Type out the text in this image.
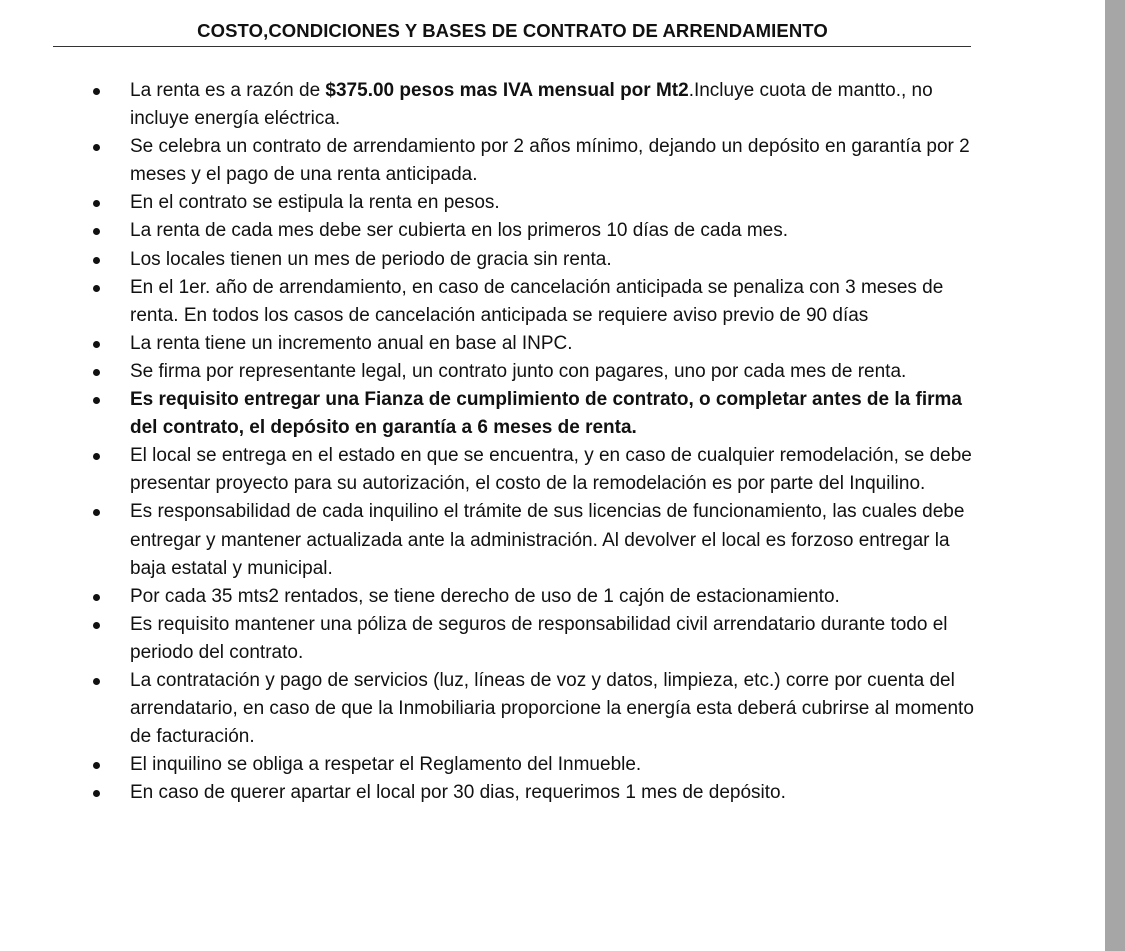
COSTO,CONDICIONES Y BASES DE CONTRATO DE ARRENDAMIENTO
La renta es a razón de $375.00 pesos mas IVA mensual por Mt2.Incluye cuota de mantto., no incluye energía eléctrica.
Se celebra un contrato de arrendamiento por 2 años mínimo, dejando un depósito en garantía por 2 meses y el pago de una renta anticipada.
En el contrato se estipula la renta en pesos.
La renta de cada mes debe ser cubierta en los primeros 10 días de cada mes.
Los locales tienen un mes de periodo de gracia sin renta.
En el 1er. año de arrendamiento, en caso de cancelación anticipada se penaliza con 3 meses de renta. En todos los casos de cancelación anticipada se requiere aviso previo de 90 días
La renta tiene un incremento anual en base al INPC.
Se firma por representante legal, un contrato junto con pagares, uno por cada mes de renta.
Es requisito entregar una Fianza de cumplimiento de contrato, o completar antes de la firma del contrato, el depósito en garantía a 6 meses de renta.
El local se entrega en el estado en que se encuentra, y en caso de cualquier remodelación, se debe presentar proyecto para su autorización, el costo de la remodelación es por parte del Inquilino.
Es responsabilidad de cada inquilino el trámite de sus licencias de funcionamiento, las cuales debe entregar y mantener actualizada ante la administración. Al devolver el local es forzoso entregar la baja estatal y municipal.
Por cada 35 mts2 rentados, se tiene derecho de uso de 1 cajón de estacionamiento.
Es requisito mantener una póliza de seguros de responsabilidad civil arrendatario durante todo el periodo del contrato.
La contratación y pago de servicios (luz, líneas de voz y datos, limpieza, etc.) corre por cuenta del arrendatario, en caso de que la Inmobiliaria proporcione la energía esta deberá cubrirse al momento de facturación.
El inquilino se obliga a respetar el Reglamento del Inmueble.
En caso de querer apartar el local por 30 dias, requerimos 1 mes de depósito.
